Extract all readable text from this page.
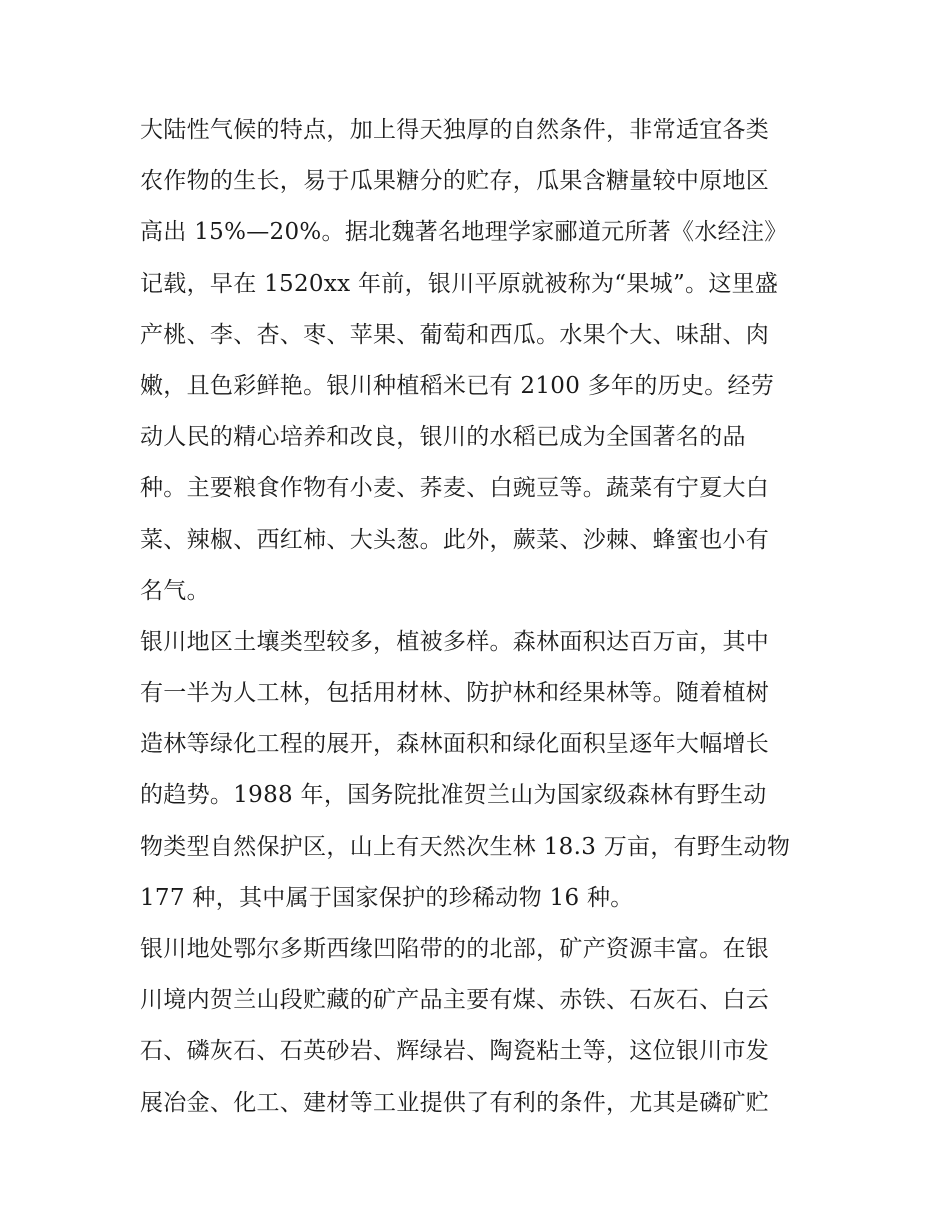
大陆性气候的特点，加上得天独厚的自然条件，非常适宜各类
农作物的生长，易于瓜果糖分的贮存，瓜果含糖量较中原地区
高出 15%—20%。据北魏著名地理学家郦道元所著《水经注》
记载，早在 1520xx 年前，银川平原就被称为“果城”。这里盛
产桃、李、杏、枣、苹果、葡萄和西瓜。水果个大、味甜、肉
嫩，且色彩鲜艳。银川种植稻米已有 2100 多年的历史。经劳
动人民的精心培养和改良，银川的水稻已成为全国著名的品
种。主要粮食作物有小麦、荞麦、白豌豆等。蔬菜有宁夏大白
菜、辣椒、西红柿、大头葱。此外，蕨菜、沙棘、蜂蜜也小有
名气。
银川地区土壤类型较多，植被多样。森林面积达百万亩，其中
有一半为人工林，包括用材林、防护林和经果林等。随着植树
造林等绿化工程的展开，森林面积和绿化面积呈逐年大幅增长
的趋势。1988 年，国务院批准贺兰山为国家级森林有野生动
物类型自然保护区，山上有天然次生林 18.3 万亩，有野生动物
177 种，其中属于国家保护的珍稀动物 16 种。
银川地处鄂尔多斯西缘凹陷带的的北部，矿产资源丰富。在银
川境内贺兰山段贮藏的矿产品主要有煤、赤铁、石灰石、白云
石、磷灰石、石英砂岩、辉绿岩、陶瓷粘土等，这位银川市发
展冶金、化工、建材等工业提供了有利的条件，尤其是磷矿贮
